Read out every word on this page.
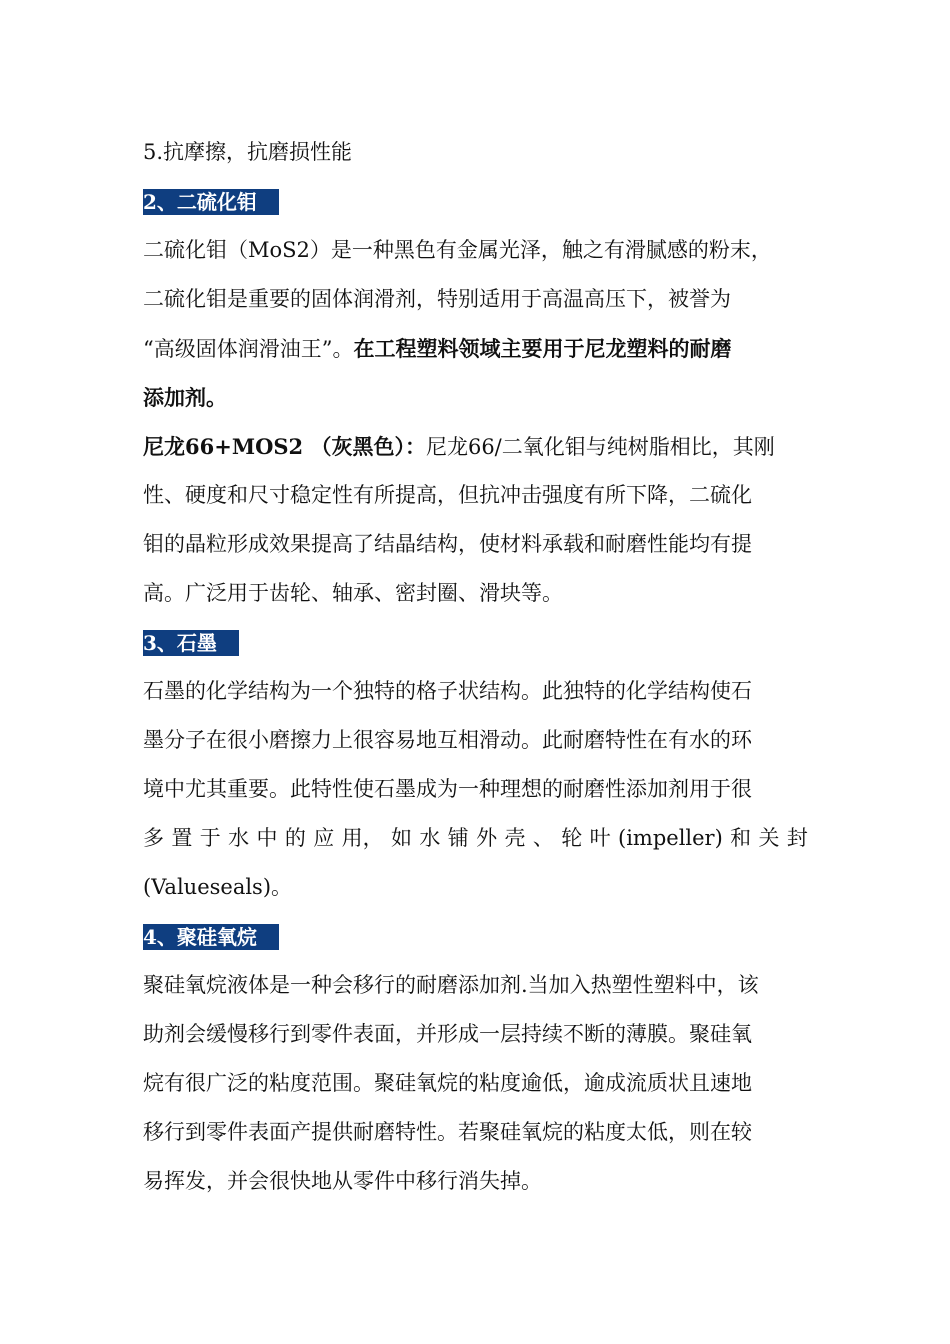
5.抗摩擦，抗磨损性能
2、二硫化钼
二硫化钼（MoS2）是一种黑色有金属光泽，触之有滑腻感的粉末，
二硫化钼是重要的固体润滑剂，特别适用于高温高压下，被誉为
“高级固体润滑油王”。在工程塑料领域主要用于尼龙塑料的耐磨
添加剂。
尼龙66+MOS2 （灰黑色）：尼龙66/二氧化钼与纯树脂相比，其刚
性、硬度和尺寸稳定性有所提高，但抗冲击强度有所下降，二硫化
钼的晶粒形成效果提高了结晶结构，使材料承载和耐磨性能均有提
高。广泛用于齿轮、轴承、密封圈、滑块等。
3、石墨
石墨的化学结构为一个独特的格子状结构。此独特的化学结构使石
墨分子在很小磨擦力上很容易地互相滑动。此耐磨特性在有水的环
境中尤其重要。此特性使石墨成为一种理想的耐磨性添加剂用于很
多 置 于 水 中 的 应 用， 如 水 铺 外 壳 、 轮 叶 (impeller) 和 关 封
(Valueseals)。
4、聚硅氧烷
聚硅氧烷液体是一种会移行的耐磨添加剂.当加入热塑性塑料中，该
助剂会缓慢移行到零件表面，并形成一层持续不断的薄膜。聚硅氧
烷有很广泛的粘度范围。聚硅氧烷的粘度逾低，逾成流质状且速地
移行到零件表面产提供耐磨特性。若聚硅氧烷的粘度太低，则在较
易挥发，并会很快地从零件中移行消失掉。
